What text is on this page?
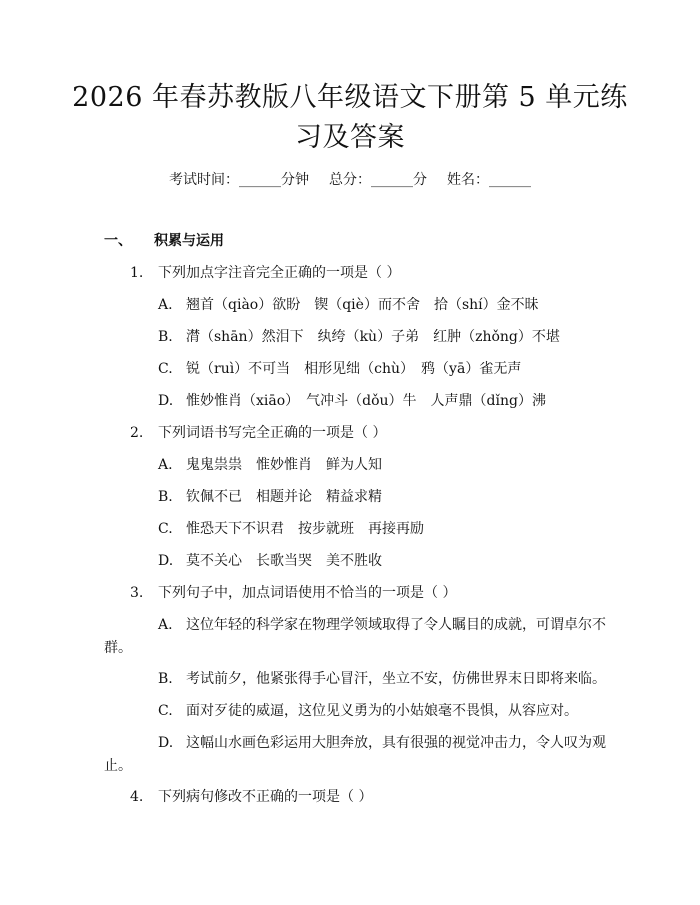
2026 年春苏教版八年级语文下册第 5 单元练
习及答案
考试时间：______分钟 总分：______分 姓名：______
一、 积累与运用
1. 下列加点字注音完全正确的一项是（ ）
A. 翘首（qiào）欲盼　锲（qiè）而不舍　拾（shí）金不昧
B. 潸（shān）然泪下　纨绔（kù）子弟　红肿（zhǒng）不堪
C. 锐（ruì）不可当　相形见绌（chù）　鸦（yā）雀无声
D. 惟妙惟肖（xiāo）　气冲斗（dǒu）牛　人声鼎（dǐng）沸
2. 下列词语书写完全正确的一项是（ ）
A. 鬼鬼祟祟　惟妙惟肖　鲜为人知
B. 钦佩不已　相题并论　精益求精
C. 惟恐天下不识君　按步就班　再接再励
D. 莫不关心　长歌当哭　美不胜收
3. 下列句子中，加点词语使用不恰当的一项是（ ）
A. 这位年轻的科学家在物理学领域取得了令人瞩目的成就，可谓卓尔不
群。
B. 考试前夕，他紧张得手心冒汗，坐立不安，仿佛世界末日即将来临。
C. 面对歹徒的威逼，这位见义勇为的小姑娘毫不畏惧，从容应对。
D. 这幅山水画色彩运用大胆奔放，具有很强的视觉冲击力，令人叹为观
止。
4. 下列病句修改不正确的一项是（ ）
